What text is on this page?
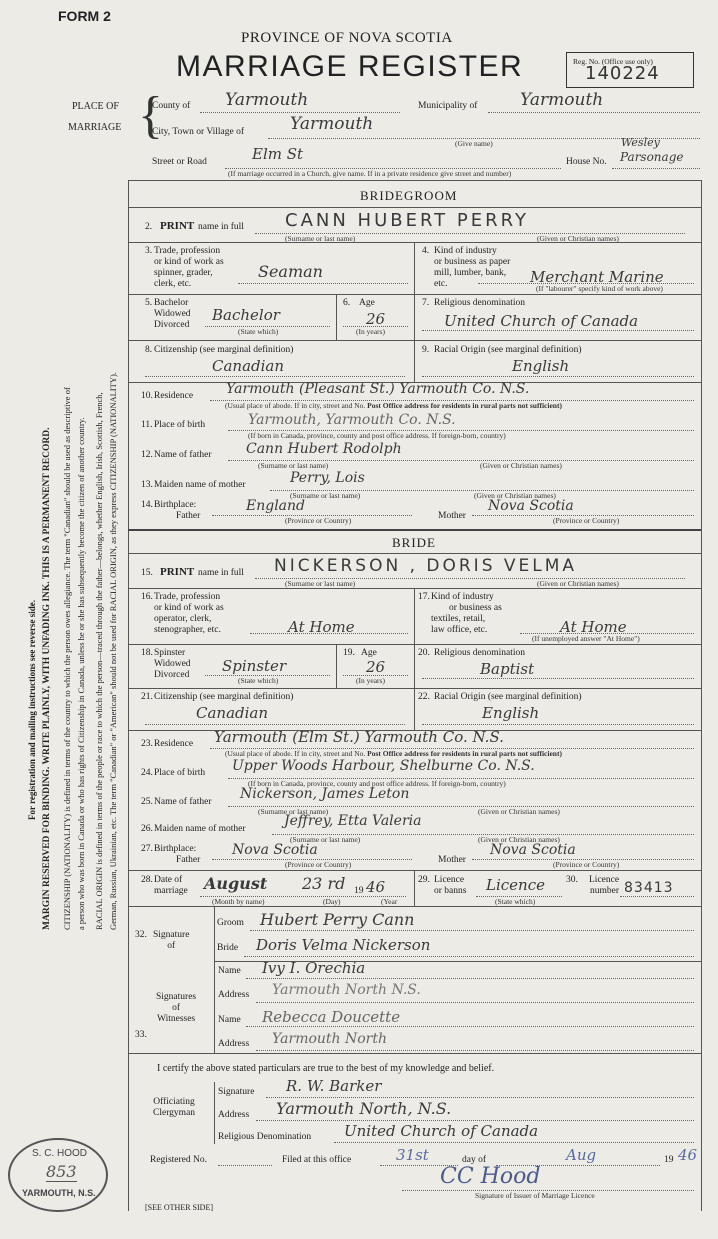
FORM 2
PROVINCE OF NOVA SCOTIA
MARRIAGE REGISTER	Reg. No. (Office use only)
140224
PLACE OF
MARRIAGE {
County of Yarmouth	Municipality of	Yarmouth
City, Town or Village of	Yarmouth
(Give name)
Street or Road	Elm St	House No.
Wesley
Parsonage
(If marriage occurred in a Church, give name. If in a private residence give street and number)
For registration and mailing instructions see reverse side. MARGIN RESERVED FOR BINDING. WRITE PLAINLY, WITH UNFADING INK. THIS IS A PERMANENT RECORD. CITIZENSHIP (NATIONALITY) is defined in terms of the country to which the person owes allegiance. The term "Canadian" should be used as descriptive of a person who was born in Canada or who has rights of Citizenship in Canada, unless he or she has subsequently become the citizen of another country. RACIAL ORIGIN is defined in terms of the people or race to which the person—traced through the father—belongs, whether English, Irish, Scottish, French, German, Russian, Ukrainian, etc. The term "Canadian" or "American" should not be used for RACIAL ORIGIN, as they express CITIZENSHIP (NATIONALITY).
BRIDEGROOM
2. PRINT name in full CANN HUBERT PERRY
(Surname or last name)	(Given or Christian names)
3. Trade, profession
or kind of work as
spinner, grader,
clerk, etc.
Seaman
4. Kind of industry
or business as paper
mill, lumber, bank,
etc.	Merchant Marine
(If "labourer" specify kind of work above)
5. Bachelor
Widowed
Divorced
Bachelor
(State which)
6. Age
26
(In years)
7. Religious denomination
United Church of Canada
8. Citizenship (see marginal definition)
Canadian
9. Racial Origin (see marginal definition)
English
10. Residence Yarmouth (Pleasant St.) Yarmouth Co. N.S.
(Usual place of abode. If in city, street and No. Post Office address for residents in rural parts not sufficient)
11. Place of birth	Yarmouth, Yarmouth Co. N.S.
(If born in Canada, province, county and post office address. If foreign-born, country)
12. Name of father Cann Hubert Rodolph
(Surname or last name)	(Given or Christian names)
13. Maiden name of mother	Perry, Lois
(Surname or last name)	(Given or Christian names)
14. Birthplace:
Father
England
(Province or Country)	Mother
Nova Scotia
(Province or Country)
BRIDE
15. PRINT name in full NICKERSON , DORIS VELMA
(Surname or last name)	(Given or Christian names)
16. Trade, profession
or kind of work as
operator, clerk,
stenographer, etc.	At Home
17. Kind of industry
or business as
textiles, retail,
law office, etc.	At Home
(If unemployed answer "At Home")
18. Spinster
Widowed
Divorced Spinster
(State which)
19. Age
26
(In years)
20. Religious denomination
Baptist
21. Citizenship (see marginal definition)
Canadian
22. Racial Origin (see marginal definition)
English
23. Residence Yarmouth (Elm St.) Yarmouth Co. N.S.
(Usual place of abode. If in city, street and No. Post Office address for residents in rural parts not sufficient)
24. Place of birth Upper Woods Harbour, Shelburne Co. N.S.
(If born in Canada, province, county and post office address. If foreign-born, country)
25. Name of father Nickerson, James Leton
(Surname or last name)	(Given or Christian names)
26. Maiden name of mother	Jeffrey, Etta Valeria
(Surname or last name)	(Given or Christian names)
27. Birthplace:
Father
Nova Scotia
(Province or Country)	Mother
Nova Scotia
(Province or Country)
28. Date of
marriage August 23 rd 19 46
(Month by name)	(Day)	(Year
29. Licence
or banns Licence
(State which)
30.	Licence
number 83413
32. Signature
of
Groom Hubert Perry Cann
Bride Doris Velma Nickerson
33.
Signatures
of
Witnesses
Name Ivy I. Orechia
Address Yarmouth North N.S.
Name Rebecca Doucette
Address Yarmouth North
I certify the above stated particulars are true to the best of my knowledge and belief.
Officiating
Clergyman
Signature R. W. Barker
Address Yarmouth North, N.S.
Religious Denomination United Church of Canada
Registered No.	Filed at this office	31st	day of	Aug	19 46
CC Hood
Signature of Issuer of Marriage Licence
[SEE OTHER SIDE]
S. C. HOOD
853
YARMOUTH, N.S.
